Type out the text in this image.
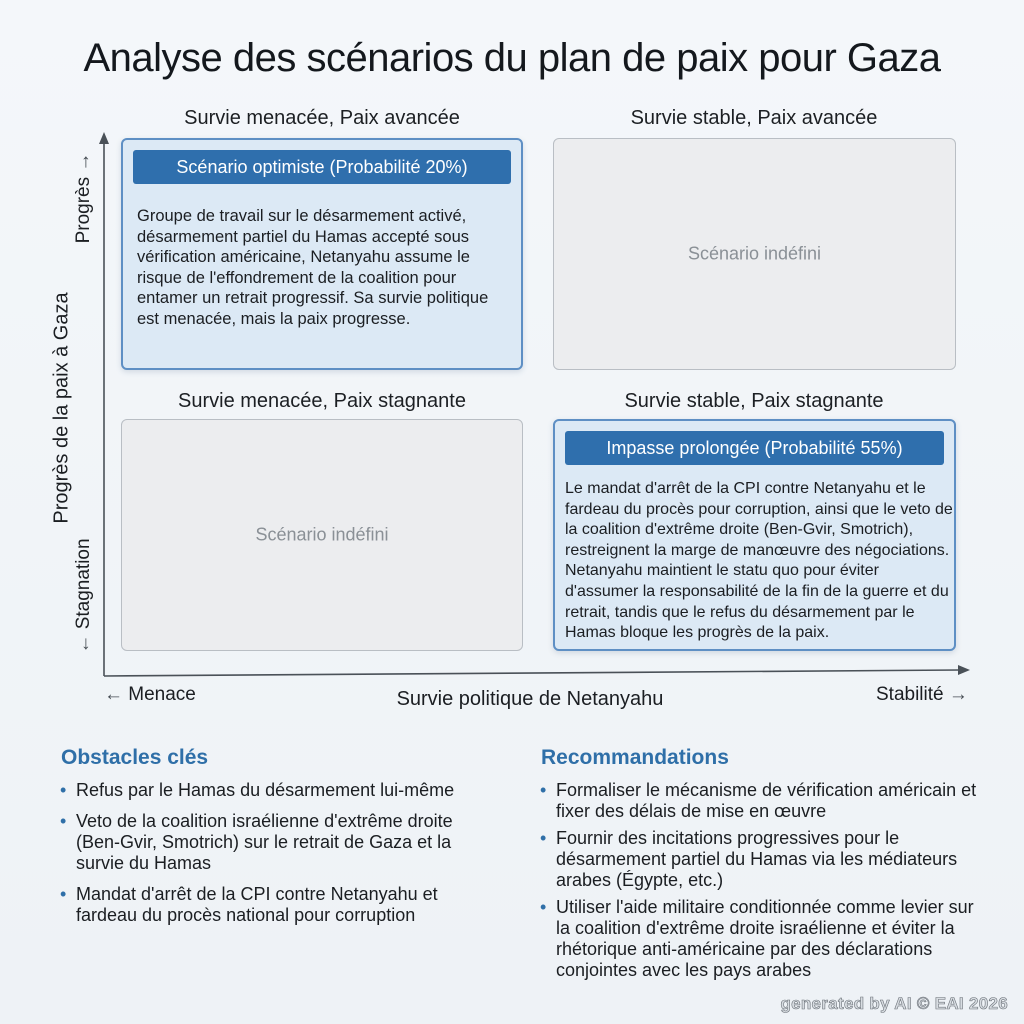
Analyse des scénarios du plan de paix pour Gaza
Progrès de la paix à Gaza
Progrès →
← Stagnation
← Menace	Survie politique de Netanyahu	Stabilité →
Survie menacée, Paix avancée	Survie stable, Paix avancée
Survie menacée, Paix stagnante	Survie stable, Paix stagnante
Scénario optimiste (Probabilité 20%)
Groupe de travail sur le désarmement activé, désarmement partiel du Hamas accepté sous vérification américaine, Netanyahu assume le risque de l'effondrement de la coalition pour entamer un retrait progressif. Sa survie politique est menacée, mais la paix progresse.
Scénario indéfini
Scénario indéfini
Impasse prolongée (Probabilité 55%)
Le mandat d'arrêt de la CPI contre Netanyahu et le fardeau du procès pour corruption, ainsi que le veto de la coalition d'extrême droite (Ben-Gvir, Smotrich), restreignent la marge de manœuvre des négociations. Netanyahu maintient le statu quo pour éviter d'assumer la responsabilité de la fin de la guerre et du retrait, tandis que le refus du désarmement par le Hamas bloque les progrès de la paix.
Obstacles clés
• Refus par le Hamas du désarmement lui-même
• Veto de la coalition israélienne d'extrême droite (Ben-Gvir, Smotrich) sur le retrait de Gaza et la survie du Hamas
• Mandat d'arrêt de la CPI contre Netanyahu et fardeau du procès national pour corruption
Recommandations
• Formaliser le mécanisme de vérification américain et fixer des délais de mise en œuvre
• Fournir des incitations progressives pour le désarmement partiel du Hamas via les médiateurs arabes (Égypte, etc.)
• Utiliser l'aide militaire conditionnée comme levier sur la coalition d'extrême droite israélienne et éviter la rhétorique anti-américaine par des déclarations conjointes avec les pays arabes
generated by AI © EAI 2026
